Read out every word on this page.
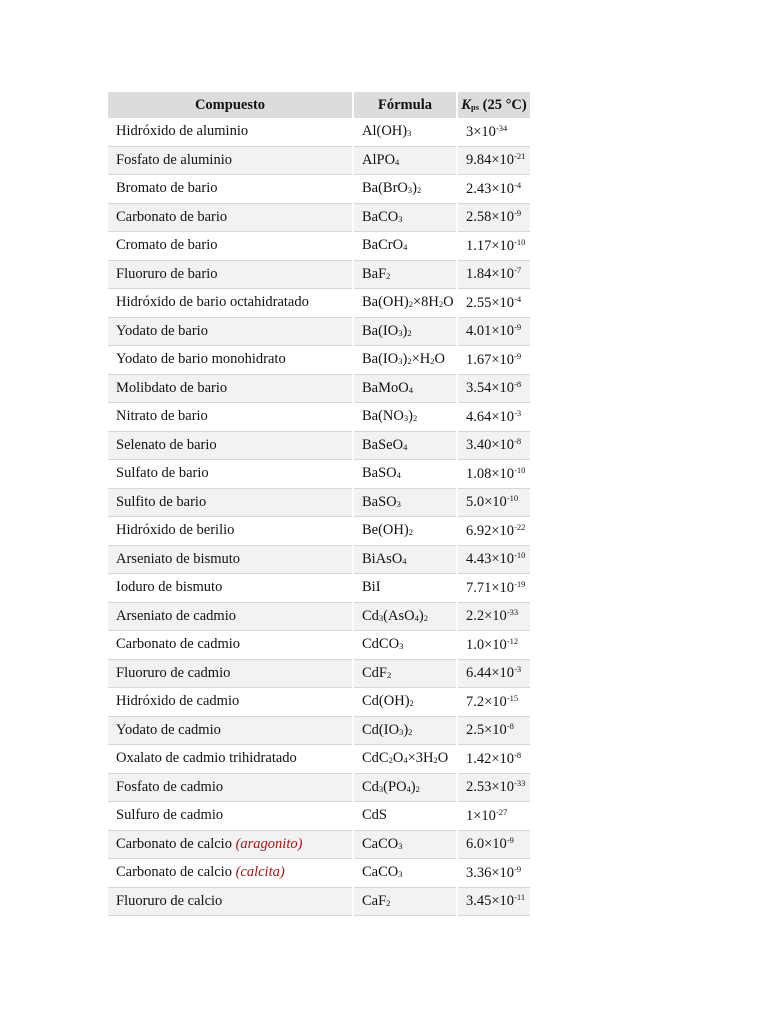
Compuesto	Fórmula	$K_{ps}$ (25 °C)
Hidróxido de aluminio	$Al(OH)_3$	$3\times 10^{-34}$
Fosfato de aluminio	AlPO$_4$	$9.84\times 10^{-21}$
Bromato de bario	$Ba(BrO_3)_2$	$2.43\times 10^{-4}$
Carbonato de bario	BaCO$_3$	$2.58\times 10^{-9}$
Cromato de bario	BaCrO$_4$	$1.17\times 10^{-10}$
Fluoruro de bario	BaF$_2$	$1.84\times 10^{-7}$
Hidróxido de bario octahidratado	$Ba(OH)_2\times 8H_2O$	$2.55\times 10^{-4}$
Yodato de bario	$Ba(IO_3)_2$	$4.01\times 10^{-9}$
Yodato de bario monohidrato	$Ba(IO_3)_2\times H_2O$	$1.67\times 10^{-9}$
Molibdato de bario	BaMoO$_4$	$3.54\times 10^{-8}$
Nitrato de bario	$Ba(NO_3)_2$	$4.64\times 10^{-3}$
Selenato de bario	BaSeO$_4$	$3.40\times 10^{-8}$
Sulfato de bario	BaSO$_4$	$1.08\times 10^{-10}$
Sulfito de bario	BaSO$_3$	$5.0\times 10^{-10}$
Hidróxido de berilio	$Be(OH)_2$	$6.92\times 10^{-22}$
Arseniato de bismuto	BiAsO$_4$	$4.43\times 10^{-10}$
Ioduro de bismuto	BiI	$7.71\times 10^{-19}$
Arseniato de cadmio	$Cd_3(AsO_4)_2$	$2.2\times 10^{-33}$
Carbonato de cadmio	CdCO$_3$	$1.0\times 10^{-12}$
Fluoruro de cadmio	CdF$_2$	$6.44\times 10^{-3}$
Hidróxido de cadmio	$Cd(OH)_2$	$7.2\times 10^{-15}$
Yodato de cadmio	$Cd(IO_3)_2$	$2.5\times 10^{-8}$
Oxalato de cadmio trihidratado	$CdC_2O_4\times 3H_2O$	$1.42\times 10^{-8}$
Fosfato de cadmio	$Cd_3(PO_4)_2$	$2.53\times 10^{-33}$
Sulfuro de cadmio	CdS	$1\times 10^{-27}$
Carbonato de calcio (aragonito)	CaCO$_3$	$6.0\times 10^{-9}$
Carbonato de calcio (calcita)	CaCO$_3$	$3.36\times 10^{-9}$
Fluoruro de calcio	CaF$_2$	$3.45\times 10^{-11}$
